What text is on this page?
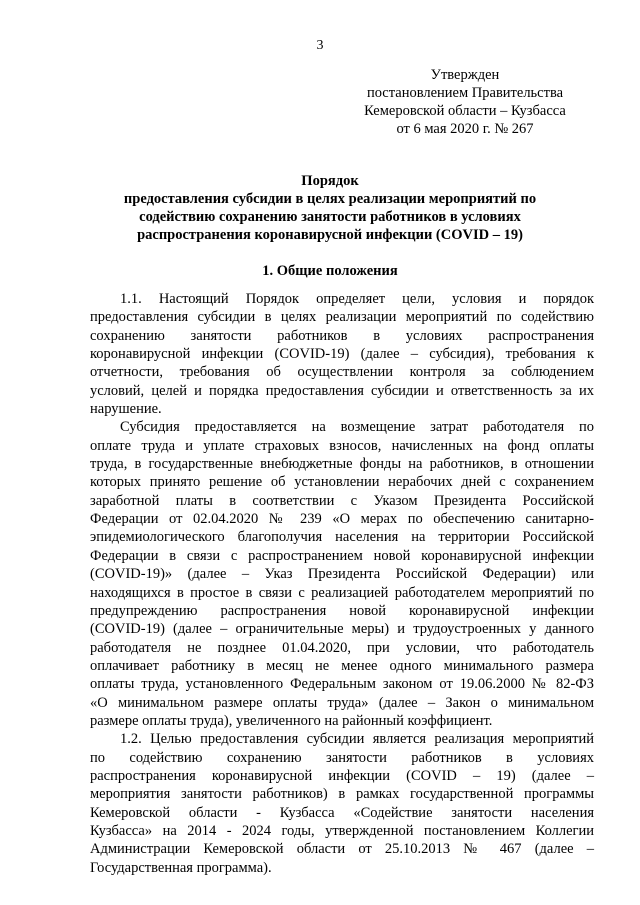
3
Утвержден
постановлением Правительства
Кемеровской области – Кузбасса
от 6 мая 2020 г. № 267
Порядок
предоставления субсидии в целях реализации мероприятий по
содействию сохранению занятости работников в условиях
распространения коронавирусной инфекции (COVID – 19)
1. Общие положения

1.1. Настоящий Порядок определяет цели, условия и порядок
предоставления субсидии в целях реализации мероприятий по содействию
сохранению занятости работников в условиях распространения
коронавирусной инфекции (COVID-19) (далее – субсидия), требования к
отчетности, требования об осуществлении контроля за соблюдением
условий, целей и порядка предоставления субсидии и ответственность за их
нарушение.

Субсидия предоставляется на возмещение затрат работодателя по
оплате труда и уплате страховых взносов, начисленных на фонд оплаты
труда, в государственные внебюджетные фонды на работников, в отношении
которых принято решение об установлении нерабочих дней с сохранением
заработной платы в соответствии с Указом Президента Российской
Федерации от 02.04.2020 № 239 «О мерах по обеспечению санитарно-
эпидемиологического благополучия населения на территории Российской
Федерации в связи с распространением новой коронавирусной инфекции
(COVID-19)» (далее – Указ Президента Российской Федерации) или
находящихся в простое в связи с реализацией работодателем мероприятий по
предупреждению распространения новой коронавирусной инфекции
(COVID-19) (далее – ограничительные меры) и трудоустроенных у данного
работодателя не позднее 01.04.2020, при условии, что работодатель
оплачивает работнику в месяц не менее одного минимального размера
оплаты труда, установленного Федеральным законом от 19.06.2000 № 82-ФЗ
«О минимальном размере оплаты труда» (далее – Закон о минимальном
размере оплаты труда), увеличенного на районный коэффициент.

1.2. Целью предоставления субсидии является реализация мероприятий
по содействию сохранению занятости работников в условиях
распространения коронавирусной инфекции (COVID – 19) (далее –
мероприятия занятости работников) в рамках государственной программы
Кемеровской области - Кузбасса «Содействие занятости населения
Кузбасса» на 2014 - 2024 годы, утвержденной постановлением Коллегии
Администрации Кемеровской области от 25.10.2013 № 467 (далее –
Государственная программа).
